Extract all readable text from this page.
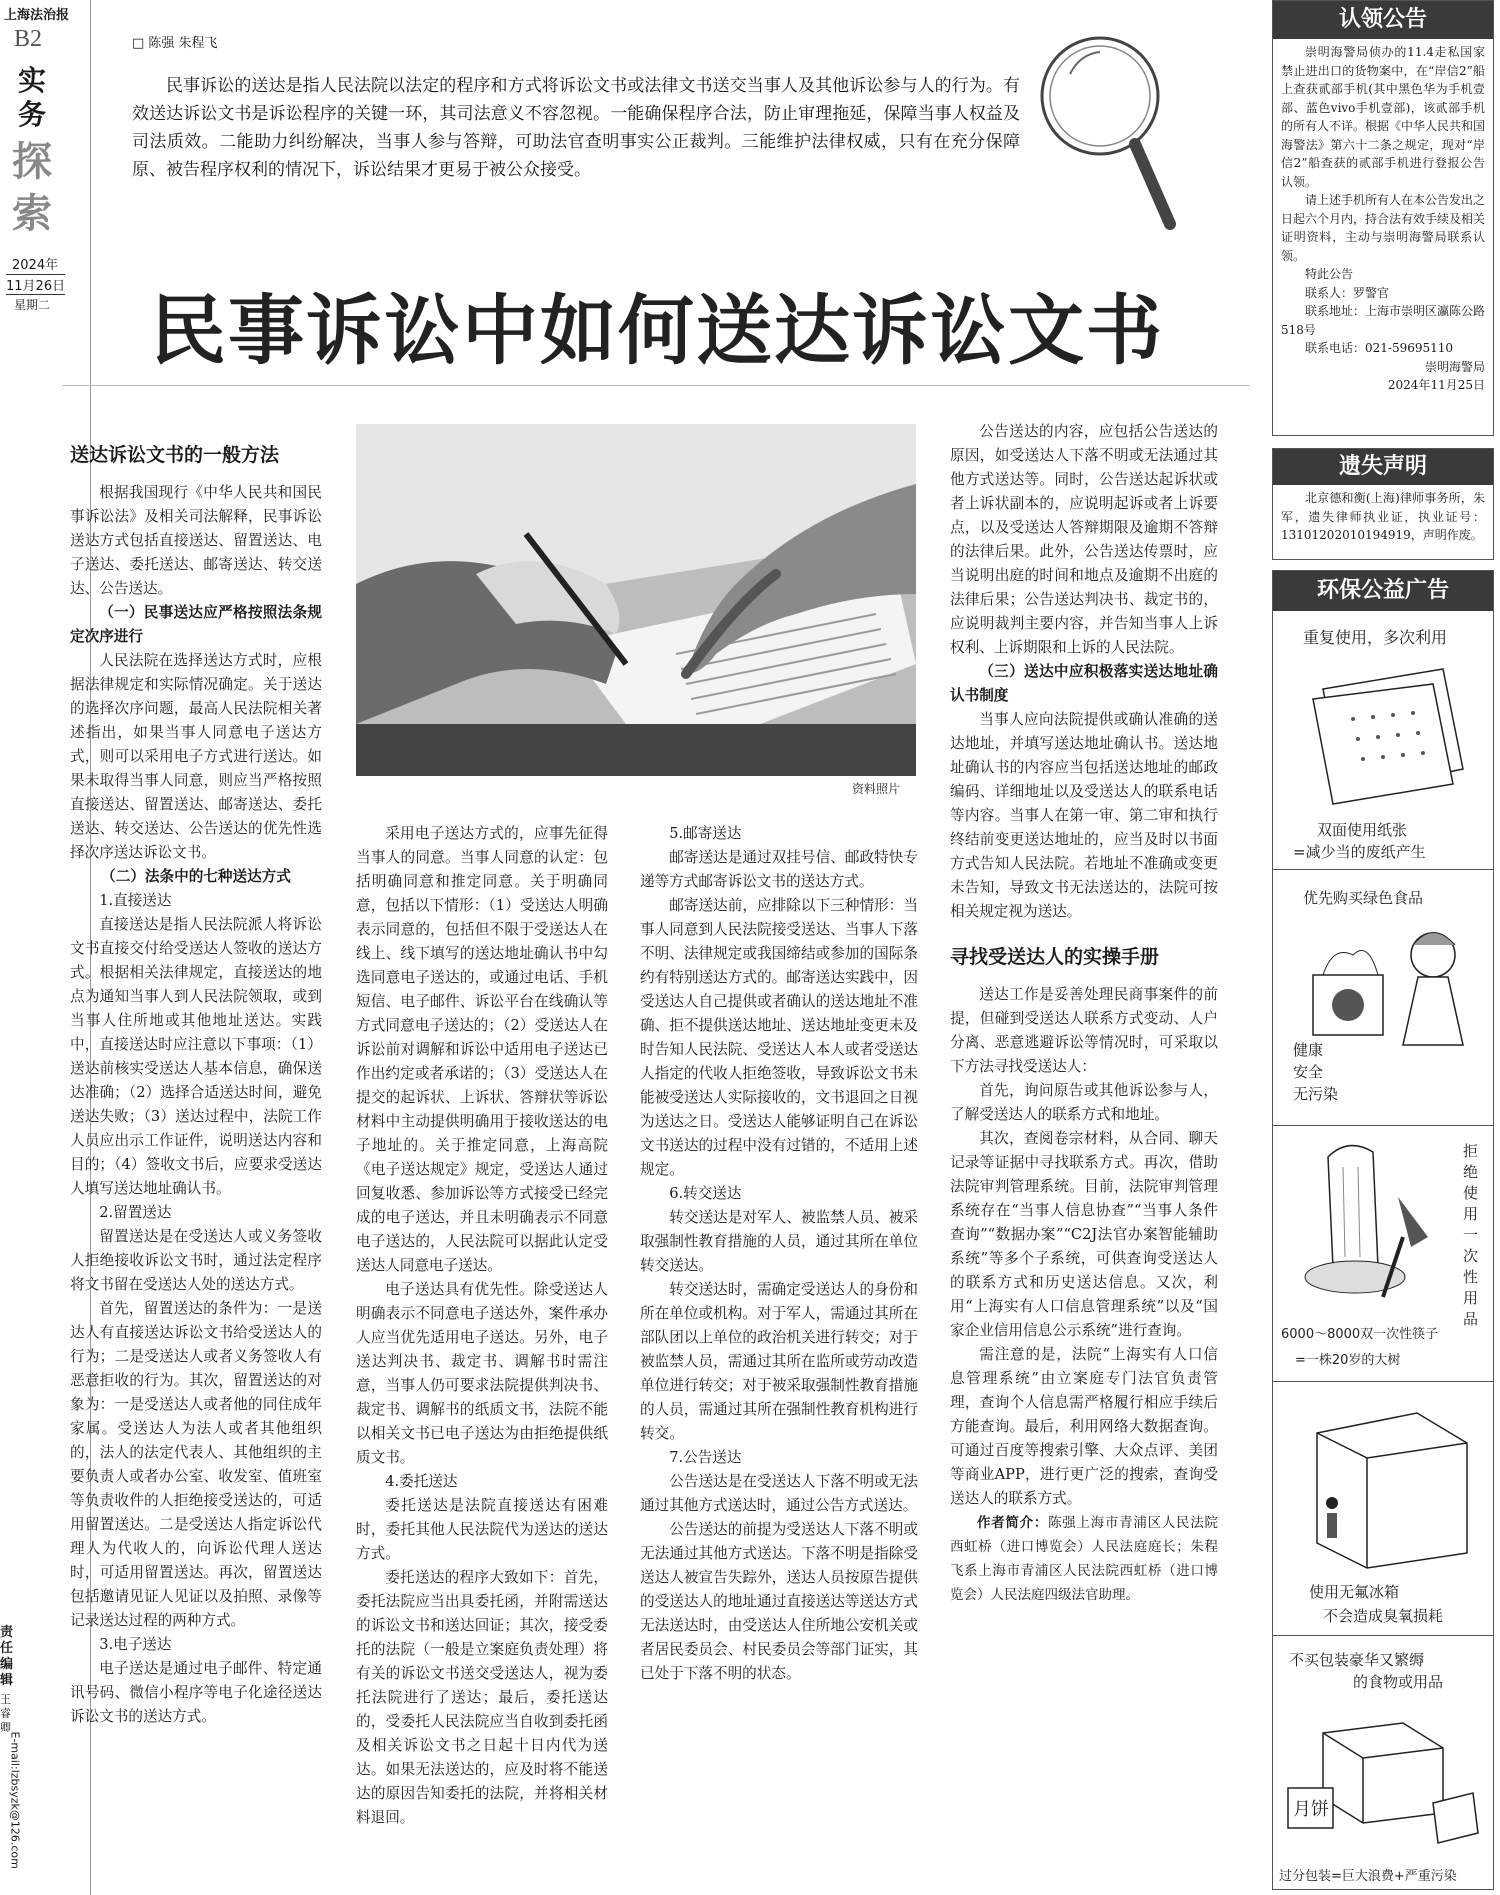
上海法治报
B2
实务
探索
2024年
11月26日
星期二
责任编辑
王睿卿
E-mail:lzbsyzk@126.com
□ 陈强 朱程飞

民事诉讼的送达是指人民法院以法定的程序和方式将诉讼文书或法律文书送交当事人及其他诉讼参与人的行为。有效送达诉讼文书是诉讼程序的关键一环，其司法意义不容忽视。一能确保程序合法，防止审理拖延，保障当事人权益及司法质效。二能助力纠纷解决，当事人参与答辩，可助法官查明事实公正裁判。三能维护法律权威，只有在充分保障原、被告程序权利的情况下，诉讼结果才更易于被公众接受。

民事诉讼中如何送达诉讼文书
资料照片

送达诉讼文书的一般方法

根据我国现行《中华人民共和国民事诉讼法》及相关司法解释，民事诉讼送达方式包括直接送达、留置送达、电子送达、委托送达、邮寄送达、转交送达、公告送达。

（一）民事送达应严格按照法条规定次序进行

人民法院在选择送达方式时，应根据法律规定和实际情况确定。关于送达的选择次序问题，最高人民法院相关著述指出，如果当事人同意电子送达方式，则可以采用电子方式进行送达。如果未取得当事人同意，则应当严格按照直接送达、留置送达、邮寄送达、委托送达、转交送达、公告送达的优先性选择次序送达诉讼文书。

（二）法条中的七种送达方式

1.直接送达

直接送达是指人民法院派人将诉讼文书直接交付给受送达人签收的送达方式。根据相关法律规定，直接送达的地点为通知当事人到人民法院领取，或到当事人住所地或其他地址送达。实践中，直接送达时应注意以下事项：（1）送达前核实受送达人基本信息，确保送达准确；（2）选择合适送达时间，避免送达失败；（3）送达过程中，法院工作人员应出示工作证件，说明送达内容和目的；（4）签收文书后，应要求受送达人填写送达地址确认书。

2.留置送达

留置送达是在受送达人或义务签收人拒绝接收诉讼文书时，通过法定程序将文书留在受送达人处的送达方式。

首先，留置送达的条件为：一是送达人有直接送达诉讼文书给受送达人的行为；二是受送达人或者义务签收人有恶意拒收的行为。其次，留置送达的对象为：一是受送达人或者他的同住成年家属。受送达人为法人或者其他组织的，法人的法定代表人、其他组织的主要负责人或者办公室、收发室、值班室等负责收件的人拒绝接受送达的，可适用留置送达。二是受送达人指定诉讼代理人为代收人的，向诉讼代理人送达时，可适用留置送达。再次，留置送达包括邀请见证人见证以及拍照、录像等记录送达过程的两种方式。

3.电子送达

电子送达是通过电子邮件、特定通讯号码、微信小程序等电子化途径送达诉讼文书的送达方式。

采用电子送达方式的，应事先征得当事人的同意。当事人同意的认定：包括明确同意和推定同意。关于明确同意，包括以下情形：（1）受送达人明确表示同意的，包括但不限于受送达人在线上、线下填写的送达地址确认书中勾选同意电子送达的，或通过电话、手机短信、电子邮件、诉讼平台在线确认等方式同意电子送达的；（2）受送达人在诉讼前对调解和诉讼中适用电子送达已作出约定或者承诺的；（3）受送达人在提交的起诉状、上诉状、答辩状等诉讼材料中主动提供明确用于接收送达的电子地址的。关于推定同意，上海高院《电子送达规定》规定，受送达人通过回复收悉、参加诉讼等方式接受已经完成的电子送达，并且未明确表示不同意电子送达的，人民法院可以据此认定受送达人同意电子送达。

电子送达具有优先性。除受送达人明确表示不同意电子送达外，案件承办人应当优先适用电子送达。另外，电子送达判决书、裁定书、调解书时需注意，当事人仍可要求法院提供判决书、裁定书、调解书的纸质文书，法院不能以相关文书已电子送达为由拒绝提供纸质文书。

4.委托送达

委托送达是法院直接送达有困难时，委托其他人民法院代为送达的送达方式。

委托送达的程序大致如下：首先，委托法院应当出具委托函，并附需送达的诉讼文书和送达回证；其次，接受委托的法院（一般是立案庭负责处理）将有关的诉讼文书送交受送达人，视为委托法院进行了送达；最后，委托送达的，受委托人民法院应当自收到委托函及相关诉讼文书之日起十日内代为送达。如果无法送达的，应及时将不能送达的原因告知委托的法院，并将相关材料退回。

5.邮寄送达

邮寄送达是通过双挂号信、邮政特快专递等方式邮寄诉讼文书的送达方式。

邮寄送达前，应排除以下三种情形：当事人同意到人民法院接受送达、当事人下落不明、法律规定或我国缔结或参加的国际条约有特别送达方式的。邮寄送达实践中，因受送达人自己提供或者确认的送达地址不准确、拒不提供送达地址、送达地址变更未及时告知人民法院、受送达人本人或者受送达人指定的代收人拒绝签收，导致诉讼文书未能被受送达人实际接收的，文书退回之日视为送达之日。受送达人能够证明自己在诉讼文书送达的过程中没有过错的，不适用上述规定。

6.转交送达

转交送达是对军人、被监禁人员、被采取强制性教育措施的人员，通过其所在单位转交送达。

转交送达时，需确定受送达人的身份和所在单位或机构。对于军人，需通过其所在部队团以上单位的政治机关进行转交；对于被监禁人员，需通过其所在监所或劳动改造单位进行转交；对于被采取强制性教育措施的人员，需通过其所在强制性教育机构进行转交。

7.公告送达

公告送达是在受送达人下落不明或无法通过其他方式送达时，通过公告方式送达。

公告送达的前提为受送达人下落不明或无法通过其他方式送达。下落不明是指除受送达人被宣告失踪外，送达人员按原告提供的受送达人的地址通过直接送达等送达方式无法送达时，由受送达人住所地公安机关或者居民委员会、村民委员会等部门证实，其已处于下落不明的状态。

公告送达的内容，应包括公告送达的原因，如受送达人下落不明或无法通过其他方式送达等。同时，公告送达起诉状或者上诉状副本的，应说明起诉或者上诉要点，以及受送达人答辩期限及逾期不答辩的法律后果。此外，公告送达传票时，应当说明出庭的时间和地点及逾期不出庭的法律后果；公告送达判决书、裁定书的，应说明裁判主要内容，并告知当事人上诉权利、上诉期限和上诉的人民法院。

（三）送达中应积极落实送达地址确认书制度

当事人应向法院提供或确认准确的送达地址，并填写送达地址确认书。送达地址确认书的内容应当包括送达地址的邮政编码、详细地址以及受送达人的联系电话等内容。当事人在第一审、第二审和执行终结前变更送达地址的，应当及时以书面方式告知人民法院。若地址不准确或变更未告知，导致文书无法送达的，法院可按相关规定视为送达。

寻找受送达人的实操手册

送达工作是妥善处理民商事案件的前提，但碰到受送达人联系方式变动、人户分离、恶意逃避诉讼等情况时，可采取以下方法寻找受送达人：

首先，询问原告或其他诉讼参与人，了解受送达人的联系方式和地址。

其次，查阅卷宗材料，从合同、聊天记录等证据中寻找联系方式。再次，借助法院审判管理系统。目前，法院审判管理系统存在“当事人信息协查”“当事人条件查询”“数据办案”“C2J法官办案智能辅助系统”等多个子系统，可供查询受送达人的联系方式和历史送达信息。又次，利用“上海实有人口信息管理系统”以及“国家企业信用信息公示系统”进行查询。

需注意的是，法院“上海实有人口信息管理系统”由立案庭专门法官负责管理，查询个人信息需严格履行相应手续后方能查询。最后，利用网络大数据查询。可通过百度等搜索引擎、大众点评、美团等商业APP，进行更广泛的搜索，查询受送达人的联系方式。

作者简介：陈强上海市青浦区人民法院西虹桥（进口博览会）人民法庭庭长；朱程飞系上海市青浦区人民法院西虹桥（进口博览会）人民法庭四级法官助理。

认领公告

崇明海警局侦办的11.4走私国家禁止进出口的货物案中，在“岸信2”船上查获贰部手机(其中黑色华为手机壹部、蓝色vivo手机壹部)，该贰部手机的所有人不详。根据《中华人民共和国海警法》第六十二条之规定，现对“岸信2”船查获的贰部手机进行登报公告认领。

请上述手机所有人在本公告发出之日起六个月内，持合法有效手续及相关证明资料，主动与崇明海警局联系认领。

特此公告

联系人：罗警官

联系地址：上海市崇明区瀛陈公路518号

联系电话：021-59695110

崇明海警局

2024年11月25日

遗失声明

北京德和衡(上海)律师事务所，朱军，遗失律师执业证，执业证号：13101202010194919，声明作废。

环保公益广告
重复使用，多次利用
双面使用纸张
=减少当的废纸产生
优先购买绿色食品
健康
安全
无污染
拒绝使用一次性用品
6000～8000双一次性筷子
=一株20岁的大树
使用无氟冰箱
不会造成臭氧损耗
不买包装豪华又繁缛
的食物或用品
月饼
过分包装=巨大浪费+严重污染
